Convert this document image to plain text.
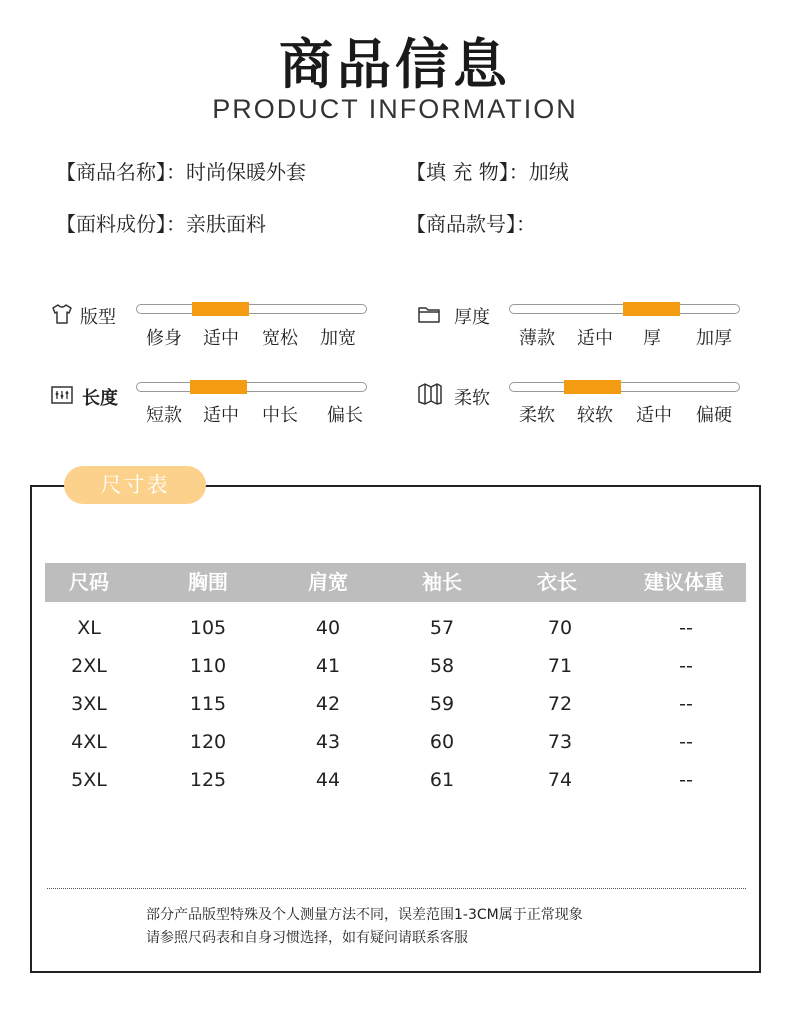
商品信息
PRODUCT INFORMATION
【商品名称】：时尚保暖外套	【填 充 物】：加绒
【面料成份】：亲肤面料	【商品款号】：
版型
修身	适中	宽松	加宽
厚度
薄款	适中	厚	加厚
长度
短款	适中	中长	偏长
柔软
柔软	较软	适中	偏硬
尺寸表
尺码	胸围	肩宽	袖长	衣长	建议体重
XL	105	40	57	70	--
2XL	110	41	58	71	--
3XL	115	42	59	72	--
4XL	120	43	60	73	--
5XL	125	44	61	74	--
部分产品版型特殊及个人测量方法不同，误差范围1-3CM属于正常现象
请参照尺码表和自身习惯选择，如有疑问请联系客服
